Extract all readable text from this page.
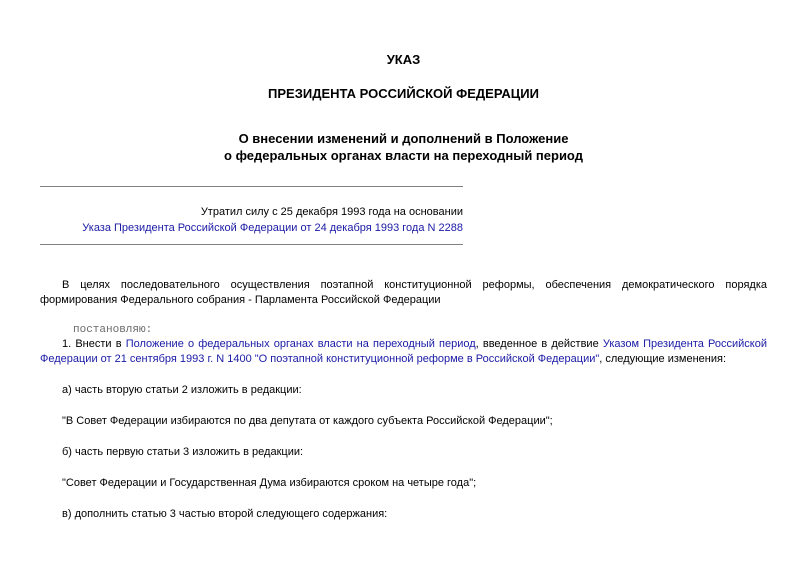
УКАЗ
ПРЕЗИДЕНТА РОССИЙСКОЙ ФЕДЕРАЦИИ
О внесении изменений и дополнений в Положение
о федеральных органах власти на переходный период
Утратил силу с 25 декабря 1993 года на основании
Указа Президента Российской Федерации от 24 декабря 1993 года N 2288
В целях последовательного осуществления поэтапной конституционной реформы, обеспечения демократического порядка формирования Федерального собрания - Парламента Российской Федерации
постановляю:
1. Внести в Положение о федеральных органах власти на переходный период, введенное в действие Указом Президента Российской Федерации от 21 сентября 1993 г. N 1400 "О поэтапной конституционной реформе в Российской Федерации", следующие изменения:
а) часть вторую статьи 2 изложить в редакции:
"В Совет Федерации избираются по два депутата от каждого субъекта Российской Федерации";
б) часть первую статьи 3 изложить в редакции:
"Совет Федерации и Государственная Дума избираются сроком на четыре года";
в) дополнить статью 3 частью второй следующего содержания:
